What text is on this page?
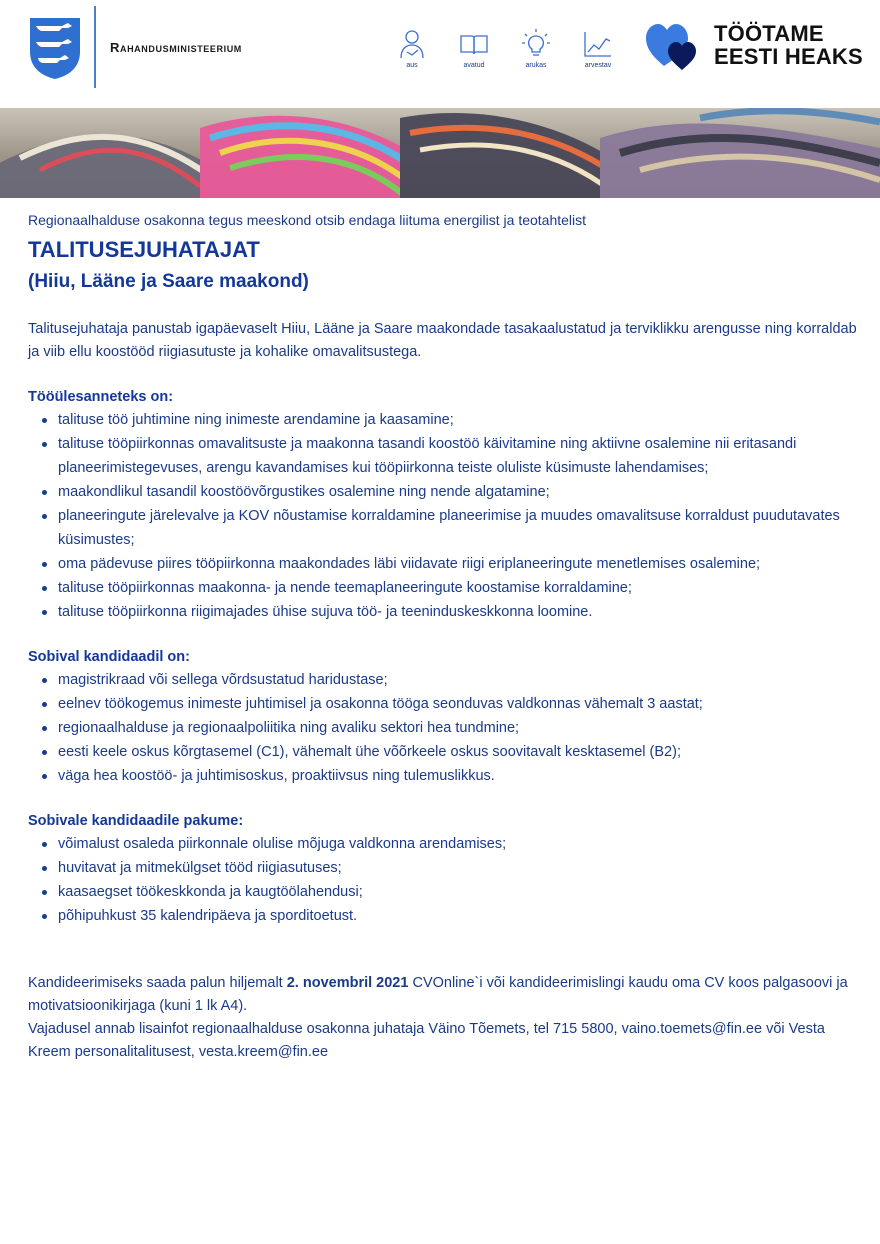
Rahandusministeerium
aus	avatud	arukas	arvestav
TÖÖTAME
EESTI HEAKS
Regionaalhalduse osakonna tegus meeskond otsib endaga liituma energilist ja teotahtelist
TALITUSEJUHATAJAT
(Hiiu, Lääne ja Saare maakond)
Talitusejuhataja panustab igapäevaselt Hiiu, Lääne ja Saare maakondade tasakaalustatud ja terviklikku arengusse ning korraldab ja viib ellu koostööd riigiasutuste ja kohalike omavalitsustega.
Tööülesanneteks on:
talituse töö juhtimine ning inimeste arendamine ja kaasamine;
talituse tööpiirkonnas omavalitsuste ja maakonna tasandi koostöö käivitamine ning aktiivne osalemine nii eritasandi planeerimistegevuses, arengu kavandamises kui tööpiirkonna teiste oluliste küsimuste lahendamises;
maakondlikul tasandil koostöövõrgustikes osalemine ning nende algatamine;
planeeringute järelevalve ja KOV nõustamise korraldamine planeerimise ja muudes omavalitsuse korraldust puudutavates küsimustes;
oma pädevuse piires tööpiirkonna maakondades läbi viidavate riigi eriplaneeringute menetlemises osalemine;
talituse tööpiirkonnas maakonna- ja nende teemaplaneeringute koostamise korraldamine;
talituse tööpiirkonna riigimajades ühise sujuva töö- ja teeninduskeskkonna loomine.
Sobival kandidaadil on:
magistrikraad või sellega võrdsustatud haridustase;
eelnev töökogemus inimeste juhtimisel ja osakonna tööga seonduvas valdkonnas vähemalt 3 aastat;
regionaalhalduse ja regionaalpoliitika ning avaliku sektori hea tundmine;
eesti keele oskus kõrgtasemel (C1), vähemalt ühe võõrkeele oskus soovitavalt kesktasemel (B2);
väga hea koostöö- ja juhtimisoskus, proaktiivsus ning tulemuslikkus.
Sobivale kandidaadile pakume:
võimalust osaleda piirkonnale olulise mõjuga valdkonna arendamises;
huvitavat ja mitmekülgset tööd riigiasutuses;
kaasaegset töökeskkonda ja kaugtöölahendusi;
põhipuhkust 35 kalendripäeva ja sporditoetust.
Kandideerimiseks saada palun hiljemalt 2. novembril 2021 CVOnline`i või kandideerimislingi kaudu oma CV koos palgasoovi ja motivatsioonikirjaga (kuni 1 lk A4).
Vajadusel annab lisainfot regionaalhalduse osakonna juhataja Väino Tõemets, tel 715 5800, vaino.toemets@fin.ee või Vesta Kreem personalitalitusest, vesta.kreem@fin.ee
